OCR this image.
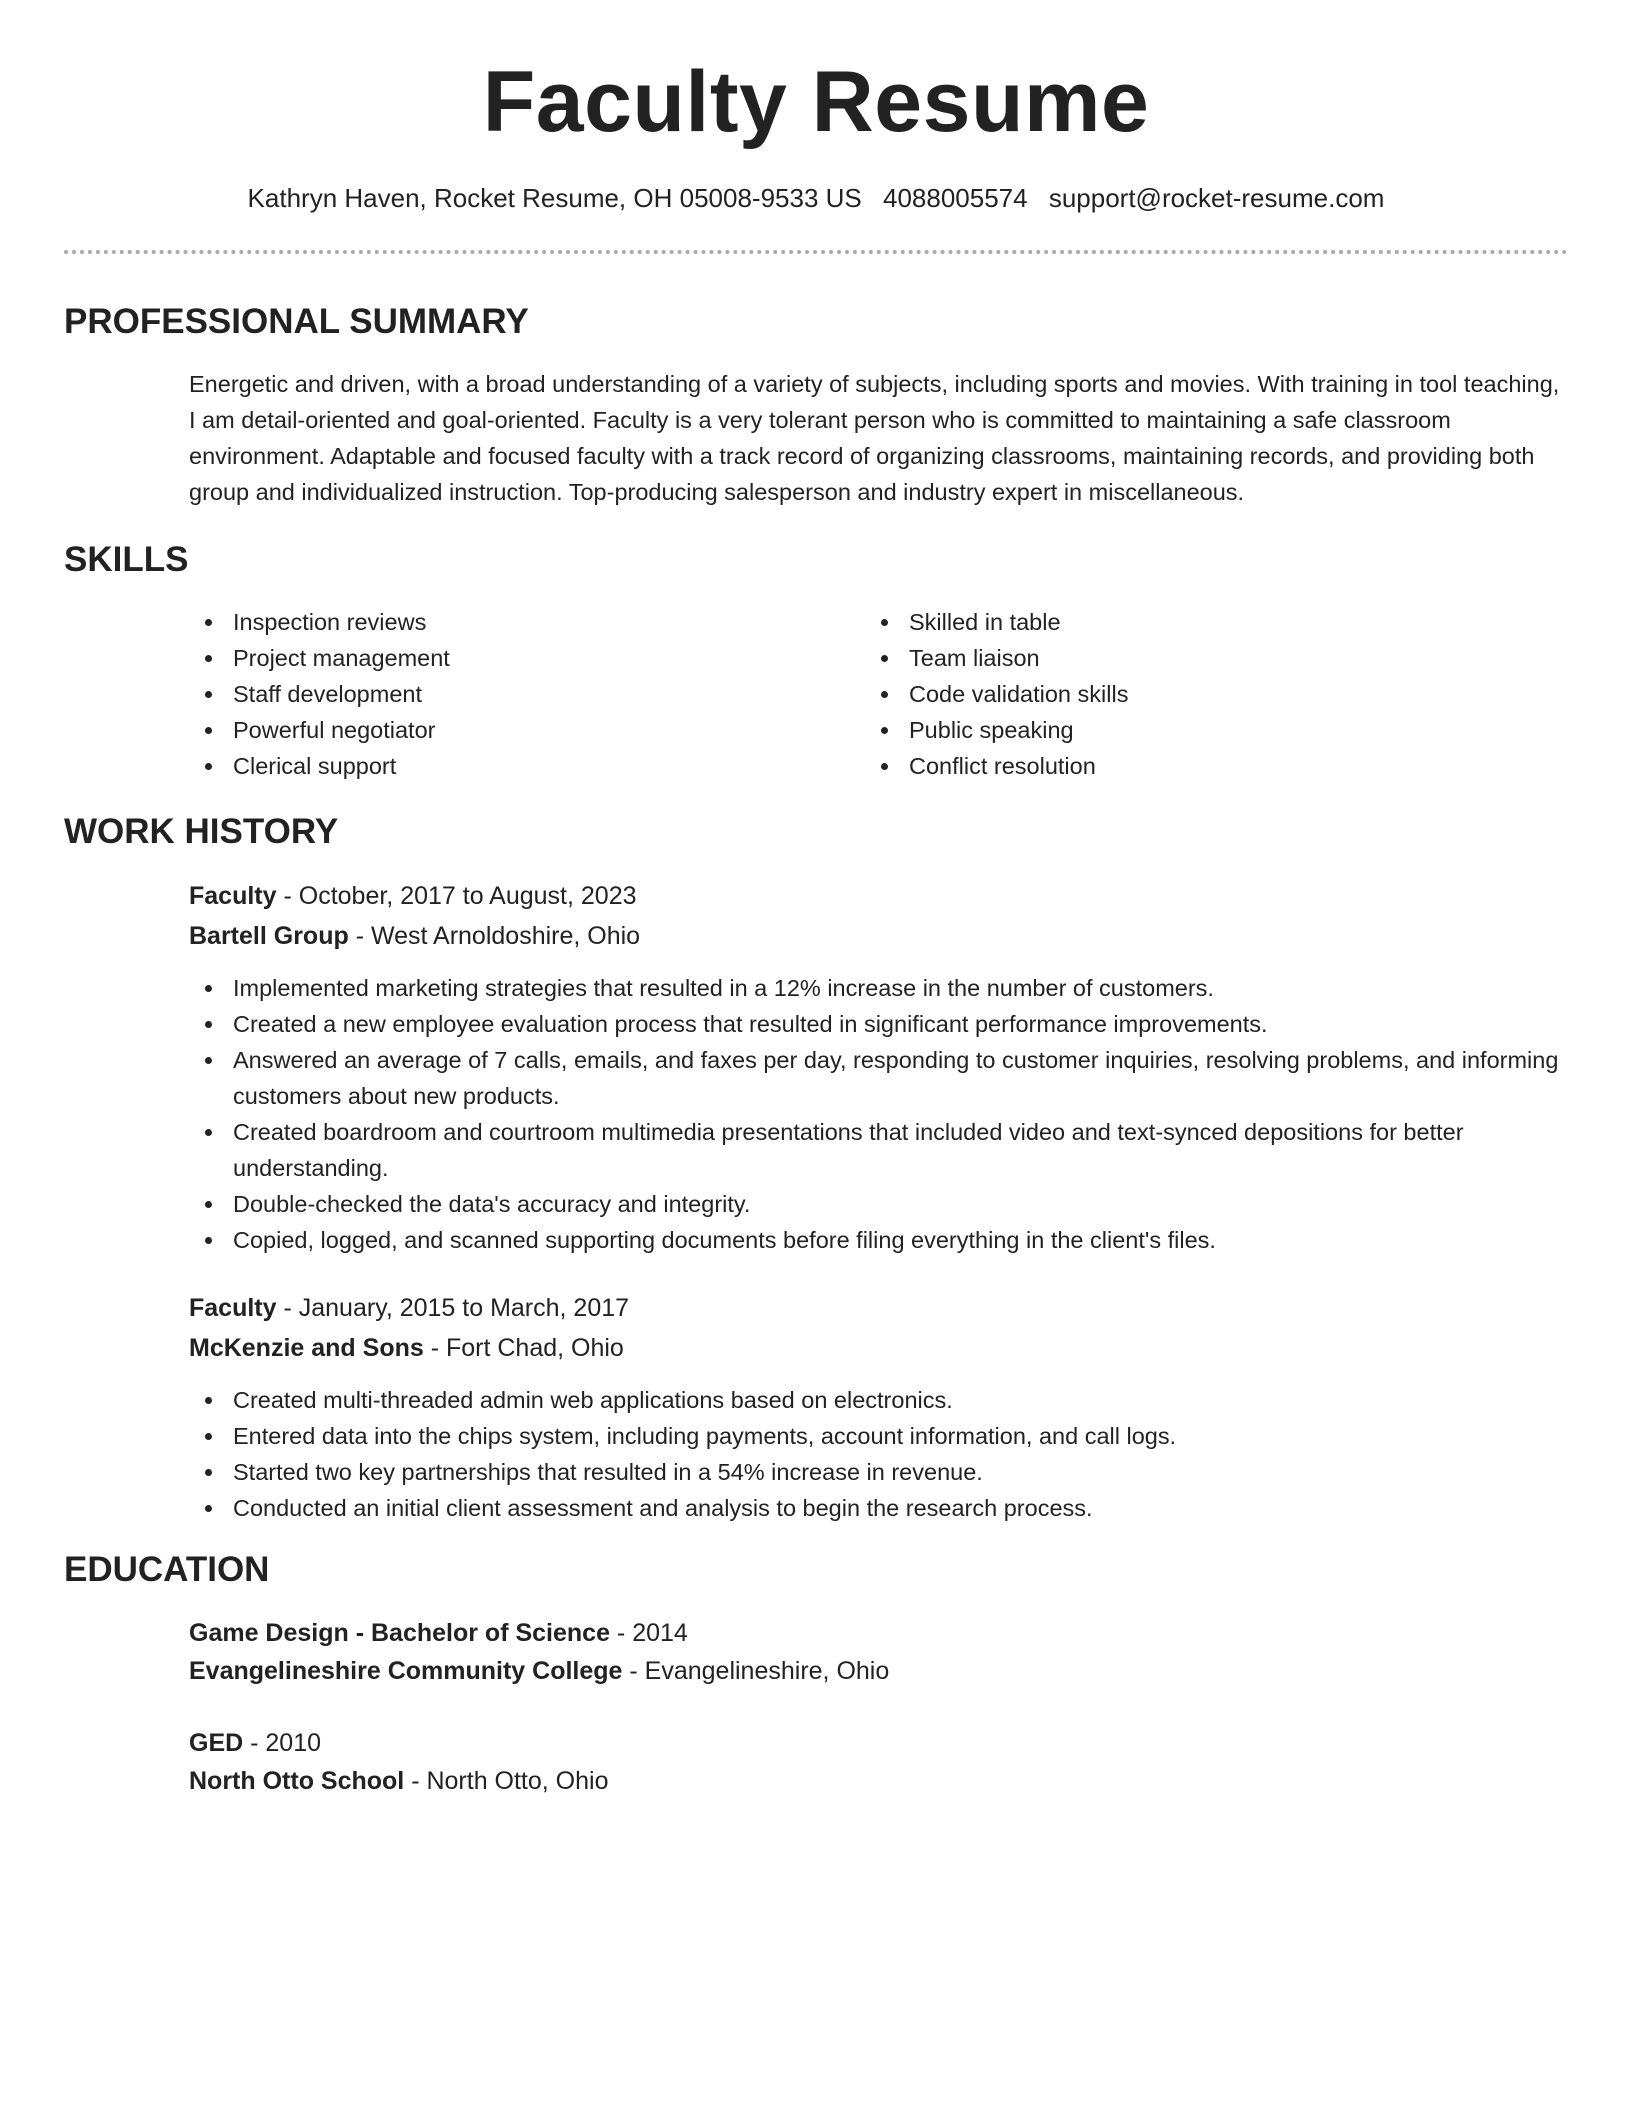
Faculty Resume
Kathryn Haven, Rocket Resume, OH 05008-9533 US 4088005574 support@rocket-resume.com
PROFESSIONAL SUMMARY
Energetic and driven, with a broad understanding of a variety of subjects, including sports and movies. With training in tool teaching, I am detail-oriented and goal-oriented. Faculty is a very tolerant person who is committed to maintaining a safe classroom environment. Adaptable and focused faculty with a track record of organizing classrooms, maintaining records, and providing both group and individualized instruction. Top-producing salesperson and industry expert in miscellaneous.
SKILLS
Inspection reviews
Project management
Staff development
Powerful negotiator
Clerical support
Skilled in table
Team liaison
Code validation skills
Public speaking
Conflict resolution
WORK HISTORY
Faculty - October, 2017 to August, 2023
Bartell Group - West Arnoldoshire, Ohio
Implemented marketing strategies that resulted in a 12% increase in the number of customers.
Created a new employee evaluation process that resulted in significant performance improvements.
Answered an average of 7 calls, emails, and faxes per day, responding to customer inquiries, resolving problems, and informing customers about new products.
Created boardroom and courtroom multimedia presentations that included video and text-synced depositions for better understanding.
Double-checked the data's accuracy and integrity.
Copied, logged, and scanned supporting documents before filing everything in the client's files.
Faculty - January, 2015 to March, 2017
McKenzie and Sons - Fort Chad, Ohio
Created multi-threaded admin web applications based on electronics.
Entered data into the chips system, including payments, account information, and call logs.
Started two key partnerships that resulted in a 54% increase in revenue.
Conducted an initial client assessment and analysis to begin the research process.
EDUCATION
Game Design - Bachelor of Science - 2014
Evangelineshire Community College - Evangelineshire, Ohio
GED - 2010
North Otto School - North Otto, Ohio
